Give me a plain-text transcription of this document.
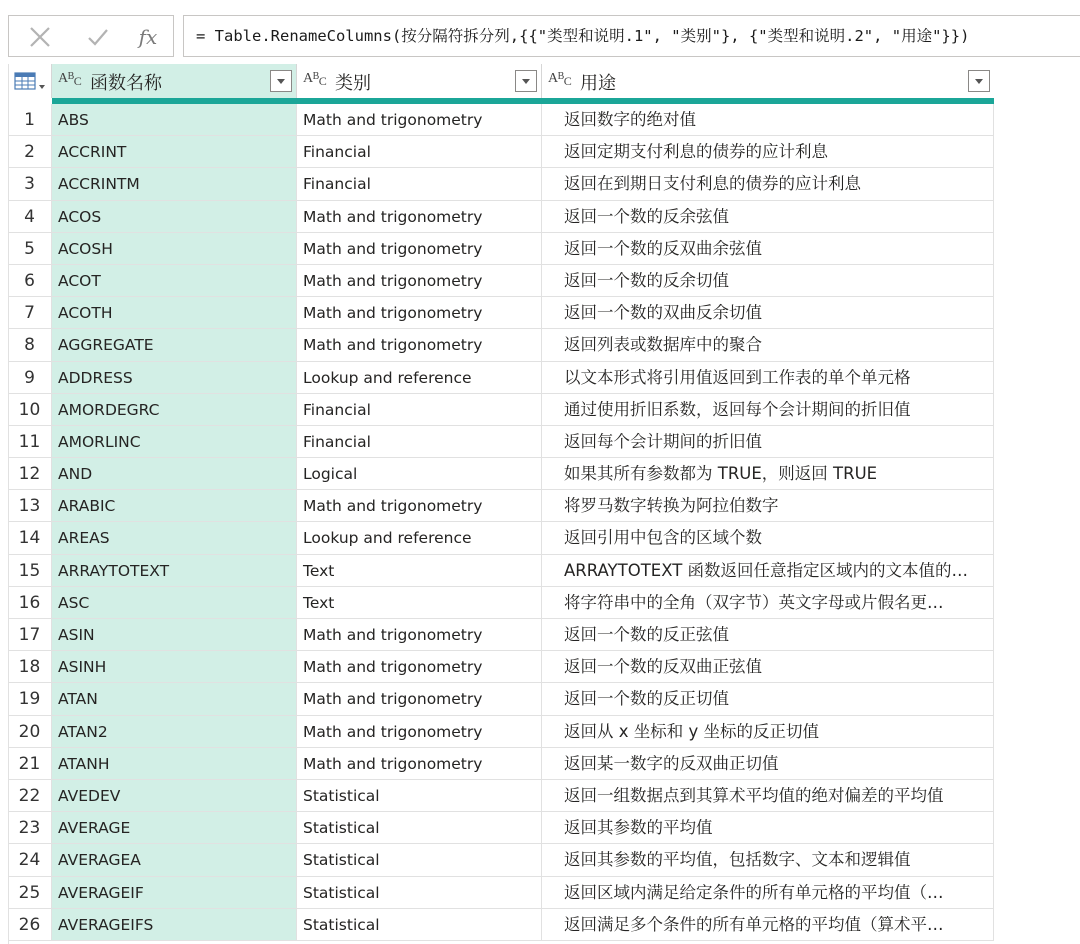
fx	= Table.RenameColumns(按分隔符拆分列,{{"类型和说明.1", "类别"}, {"类型和说明.2", "用途"}})
$A^B_C$ 函数名称	$A^B_C$ 类别	$A^B_C$ 用途
1	ABS	Math and trigonometry	返回数字的绝对值
2	ACCRINT	Financial	返回定期支付利息的债券的应计利息
3	ACCRINTM	Financial	返回在到期日支付利息的债券的应计利息
4	ACOS	Math and trigonometry	返回一个数的反余弦值
5	ACOSH	Math and trigonometry	返回一个数的反双曲余弦值
6	ACOT	Math and trigonometry	返回一个数的反余切值
7	ACOTH	Math and trigonometry	返回一个数的双曲反余切值
8	AGGREGATE	Math and trigonometry	返回列表或数据库中的聚合
9	ADDRESS	Lookup and reference	以文本形式将引用值返回到工作表的单个单元格
10	AMORDEGRC	Financial	通过使用折旧系数，返回每个会计期间的折旧值
11	AMORLINC	Financial	返回每个会计期间的折旧值
12	AND	Logical	如果其所有参数都为 TRUE，则返回 TRUE
13	ARABIC	Math and trigonometry	将罗马数字转换为阿拉伯数字
14	AREAS	Lookup and reference	返回引用中包含的区域个数
15	ARRAYTOTEXT	Text	ARRAYTOTEXT 函数返回任意指定区域内的文本值的…
16	ASC	Text	将字符串中的全角（双字节）英文字母或片假名更…
17	ASIN	Math and trigonometry	返回一个数的反正弦值
18	ASINH	Math and trigonometry	返回一个数的反双曲正弦值
19	ATAN	Math and trigonometry	返回一个数的反正切值
20	ATAN2	Math and trigonometry	返回从 x 坐标和 y 坐标的反正切值
21	ATANH	Math and trigonometry	返回某一数字的反双曲正切值
22	AVEDEV	Statistical	返回一组数据点到其算术平均值的绝对偏差的平均值
23	AVERAGE	Statistical	返回其参数的平均值
24	AVERAGEA	Statistical	返回其参数的平均值，包括数字、文本和逻辑值
25	AVERAGEIF	Statistical	返回区域内满足给定条件的所有单元格的平均值（…
26	AVERAGEIFS	Statistical	返回满足多个条件的所有单元格的平均值（算术平…
